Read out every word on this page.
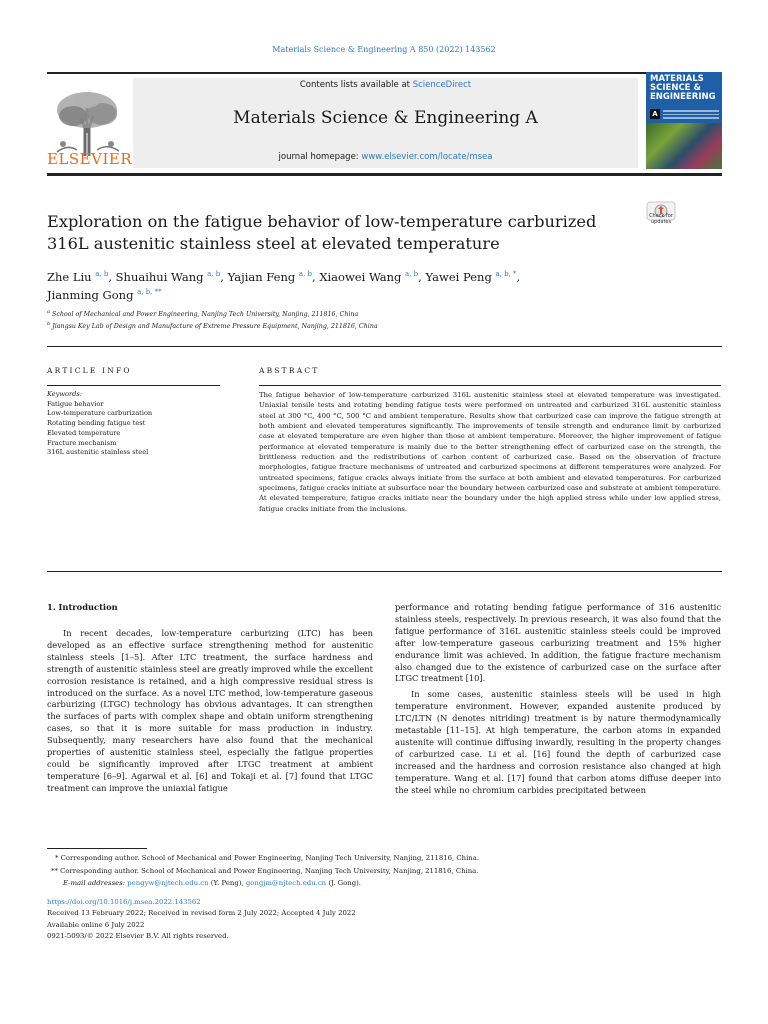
Materials Science & Engineering A 850 (2022) 143562
ELSEVIER
Contents lists available at ScienceDirect
Materials Science & Engineering A
journal homepage: www.elsevier.com/locate/msea
MATERIALS SCIENCE & ENGINEERING
A
Check for
updates
Exploration on the fatigue behavior of low-temperature carburized 316L austenitic stainless steel at elevated temperature
Zhe Liu $^{a, b}$, Shuaihui Wang $^{a, b}$, Yajian Feng $^{a, b}$, Xiaowei Wang $^{a, b}$, Yawei Peng $^{a, b, *}$,
Jianming Gong $^{a, b, **}$
$^a$ School of Mechanical and Power Engineering, Nanjing Tech University, Nanjing, 211816, China
$^b$ Jiangsu Key Lab of Design and Manufacture of Extreme Pressure Equipment, Nanjing, 211816, China
ARTICLE INFO
Keywords:
Fatigue behavior
Low-temperature carburization
Rotating bending fatigue test
Elevated temperature
Fracture mechanism
316L austenitic stainless steel
ABSTRACT
The fatigue behavior of low-temperature carburized 316L austenitic stainless steel at elevated temperature was investigated. Uniaxial tensile tests and rotating bending fatigue tests were performed on untreated and carburized 316L austenitic stainless steel at 300 °C, 400 °C, 500 °C and ambient temperature. Results show that carburized case can improve the fatigue strength at both ambient and elevated temperatures significantly. The improvements of tensile strength and endurance limit by carburized case at elevated temperature are even higher than those at ambient temperature. Moreover, the higher improvement of fatigue performance at elevated temperature is mainly due to the better strengthening effect of carburized case on the strength, the brittleness reduction and the redistributions of carbon content of carburized case. Based on the observation of fracture morphologies, fatigue fracture mechanisms of untreated and carburized specimens at different temperatures were analyzed. For untreated specimens, fatigue cracks always initiate from the surface at both ambient and elevated temperatures. For carburized specimens, fatigue cracks initiate at subsurface near the boundary between carburized case and substrate at ambient temperature. At elevated temperature, fatigue cracks initiate near the boundary under the high applied stress while under low applied stress, fatigue cracks initiate from the inclusions.
1. Introduction

In recent decades, low-temperature carburizing (LTC) has been developed as an effective surface strengthening method for austenitic stainless steels [1–5]. After LTC treatment, the surface hardness and strength of austenitic stainless steel are greatly improved while the excellent corrosion resistance is retained, and a high compressive residual stress is introduced on the surface. As a novel LTC method, low-temperature gaseous carburizing (LTGC) technology has obvious advantages. It can strengthen the surfaces of parts with complex shape and obtain uniform strengthening cases, so that it is more suitable for mass production in industry. Subsequently, many researchers have also found that the mechanical properties of austenitic stainless steel, especially the fatigue properties could be significantly improved after LTGC treatment at ambient temperature [6–9]. Agarwal et al. [6] and Tokaji et al. [7] found that LTGC treatment can improve the uniaxial fatigue

performance and rotating bending fatigue performance of 316 austenitic stainless steels, respectively. In previous research, it was also found that the fatigue performance of 316L austenitic stainless steels could be improved after low-temperature gaseous carburizing treatment and 15% higher endurance limit was achieved. In addition, the fatigue fracture mechanism also changed due to the existence of carburized case on the surface after LTGC treatment [10].

In some cases, austenitic stainless steels will be used in high temperature environment. However, expanded austenite produced by LTC/LTN (N denotes nitriding) treatment is by nature thermodynamically metastable [11–15]. At high temperature, the carbon atoms in expanded austenite will continue diffusing inwardly, resulting in the property changes of carburized case. Li et al. [16] found the depth of carburized case increased and the hardness and corrosion resistance also changed at high temperature. Wang et al. [17] found that carbon atoms diffuse deeper into the steel while no chromium carbides precipitated between

* Corresponding author. School of Mechanical and Power Engineering, Nanjing Tech University, Nanjing, 211816, China.
** Corresponding author. School of Mechanical and Power Engineering, Nanjing Tech University, Nanjing, 211816, China.
E-mail addresses: pengyw@njtech.edu.cn (Y. Peng), gongjm@njtech.edu.cn (J. Gong).
https://doi.org/10.1016/j.msea.2022.143562
Received 13 February 2022; Received in revised form 2 July 2022; Accepted 4 July 2022
Available online 6 July 2022
0921-5093/© 2022 Elsevier B.V. All rights reserved.
